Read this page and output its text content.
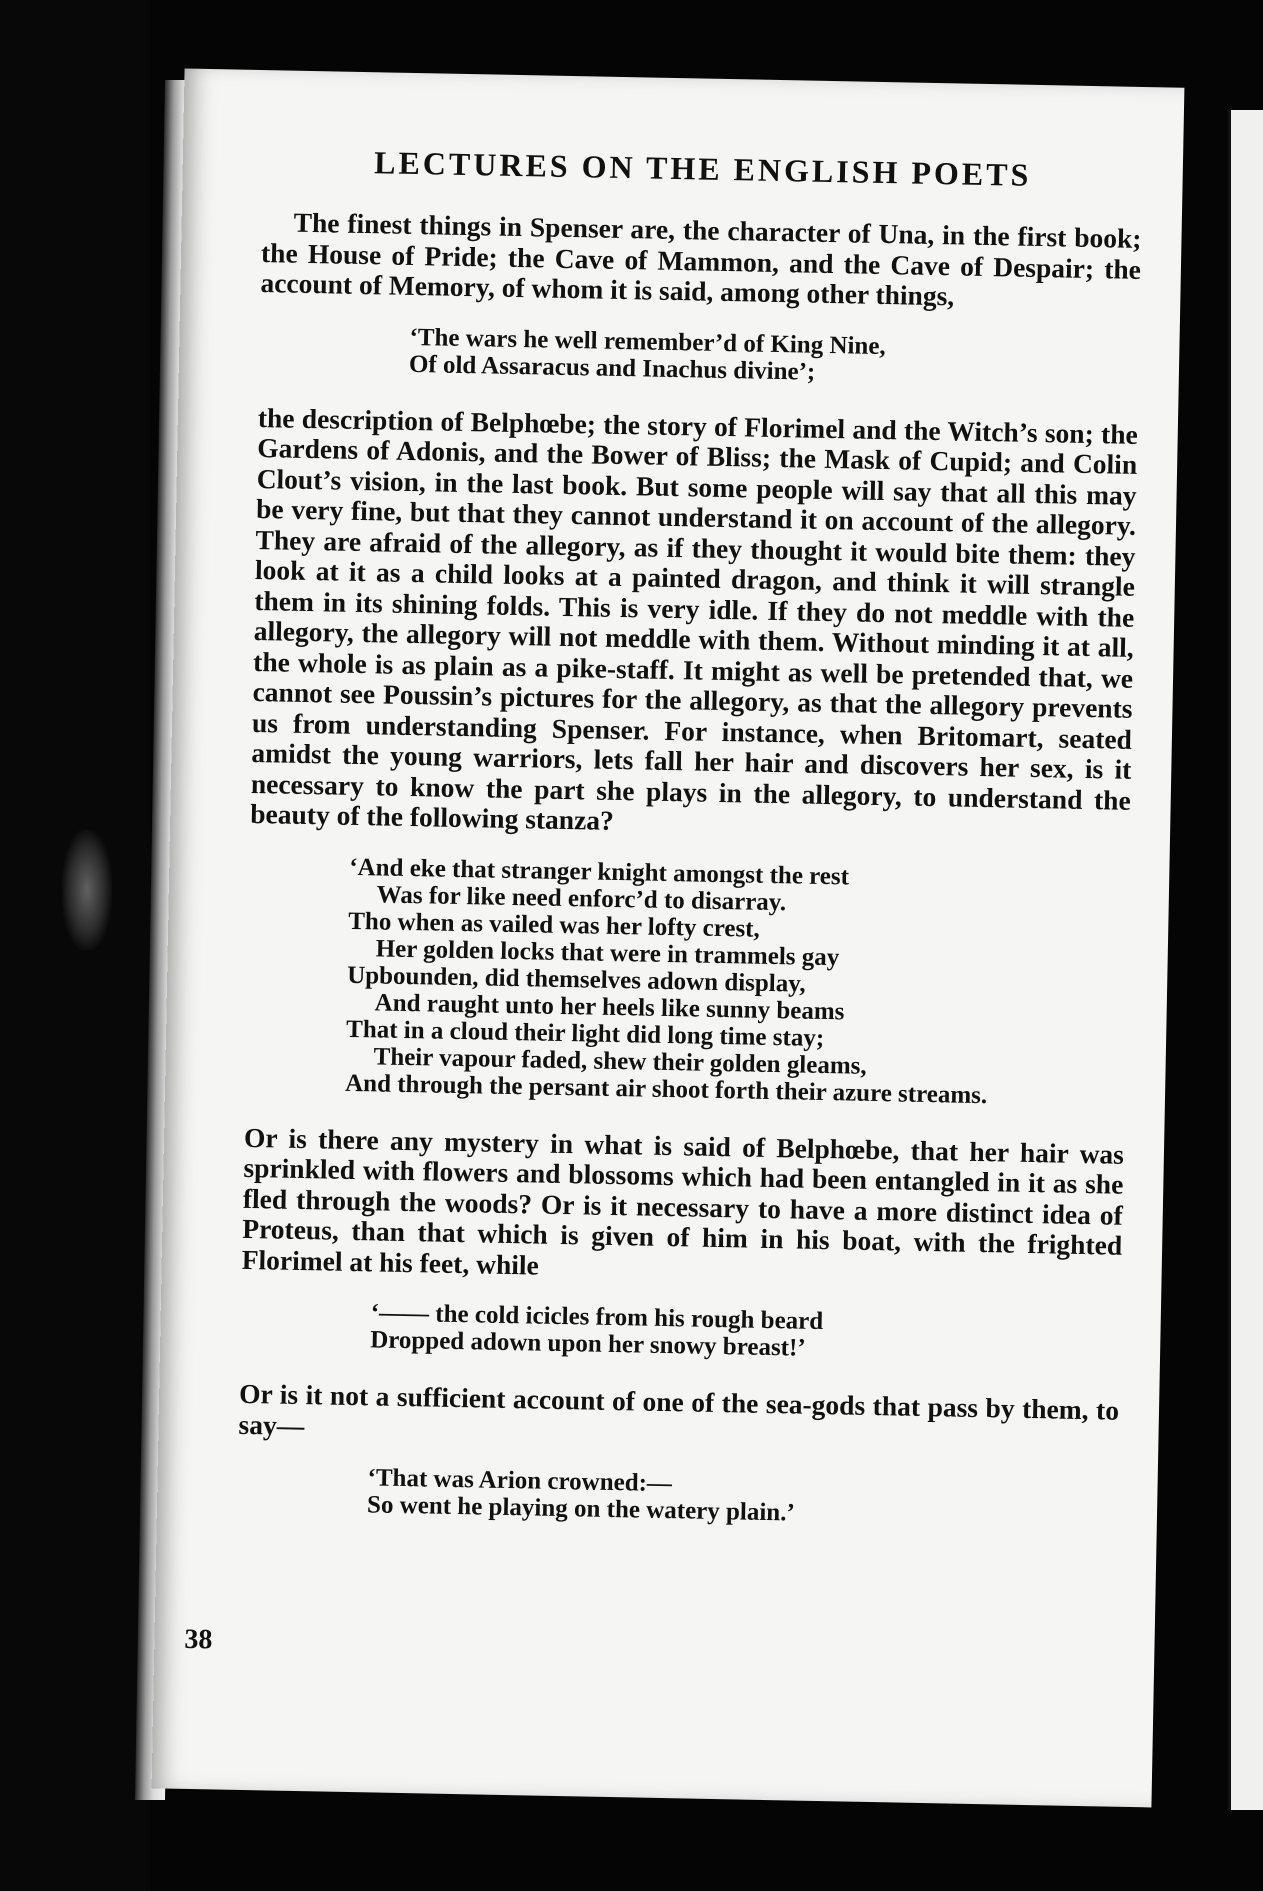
LECTURES ON THE ENGLISH POETS

The finest things in Spenser are, the character of Una, in the first book; the House of Pride; the Cave of Mammon, and the Cave of Despair; the account of Memory, of whom it is said, among other things,

‘The wars he well remember’d of King Nine,
Of old Assaracus and Inachus divine’;

the description of Belphœbe; the story of Florimel and the Witch’s son; the Gardens of Adonis, and the Bower of Bliss; the Mask of Cupid; and Colin Clout’s vision, in the last book. But some people will say that all this may be very fine, but that they cannot understand it on account of the allegory. They are afraid of the allegory, as if they thought it would bite them: they look at it as a child looks at a painted dragon, and think it will strangle them in its shining folds. This is very idle. If they do not meddle with the allegory, the allegory will not meddle with them. Without minding it at all, the whole is as plain as a pike-staff. It might as well be pretended that, we cannot see Poussin’s pictures for the allegory, as that the allegory prevents us from understanding Spenser. For instance, when Britomart, seated amidst the young warriors, lets fall her hair and discovers her sex, is it necessary to know the part she plays in the allegory, to understand the beauty of the following stanza?

‘And eke that stranger knight amongst the rest
Was for like need enforc’d to disarray.
Tho when as vailed was her lofty crest,
Her golden locks that were in trammels gay
Upbounden, did themselves adown display,
And raught unto her heels like sunny beams
That in a cloud their light did long time stay;
Their vapour faded, shew their golden gleams,
And through the persant air shoot forth their azure streams.

Or is there any mystery in what is said of Belphœbe, that her hair was sprinkled with flowers and blossoms which had been entangled in it as she fled through the woods? Or is it necessary to have a more distinct idea of Proteus, than that which is given of him in his boat, with the frighted Florimel at his feet, while

‘—— the cold icicles from his rough beard
Dropped adown upon her snowy breast!’

Or is it not a sufficient account of one of the sea-gods that pass by them, to say—

‘That was Arion crowned:—
So went he playing on the watery plain.’
38
